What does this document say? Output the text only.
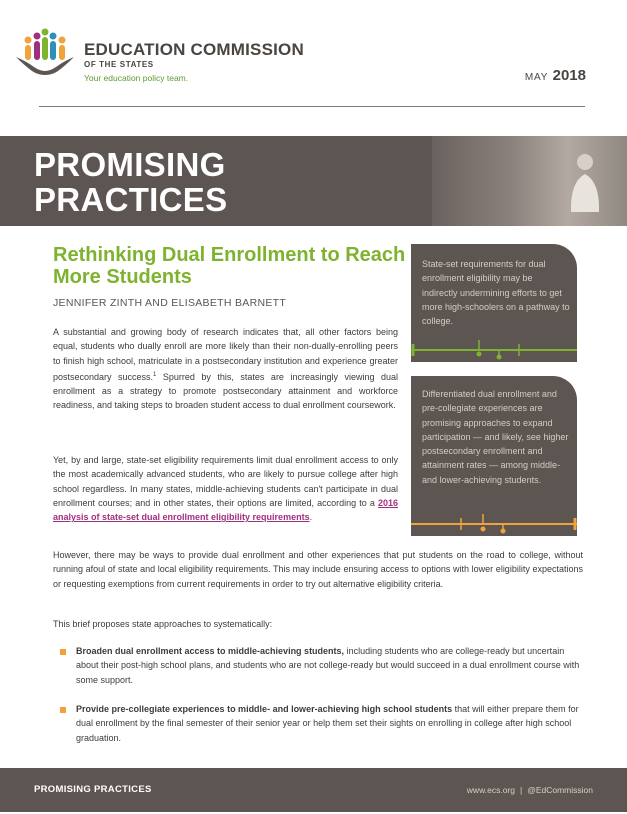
EDUCATION COMMISSION
OF THE STATES
Your education policy team.	MAY 2018
PROMISING
PRACTICES
TUNE IN.
Explore emerging
education developments.
Rethinking Dual Enrollment to Reach More Students
JENNIFER ZINTH AND ELISABETH BARNETT
A substantial and growing body of research indicates that, all other factors being equal, students who dually enroll are more likely than their non-dually-enrolling peers to finish high school, matriculate in a postsecondary institution and experience greater postsecondary success.$^1$ Spurred by this, states are increasingly viewing dual enrollment as a strategy to promote postsecondary attainment and workforce readiness, and taking steps to broaden student access to dual enrollment coursework.
Yet, by and large, state-set eligibility requirements limit dual enrollment access to only the most academically advanced students, who are likely to pursue college after high school regardless. In many states, middle-achieving students can't participate in dual enrollment courses; and in other states, their options are limited, according to a 2016 analysis of state-set dual enrollment eligibility requirements.
However, there may be ways to provide dual enrollment and other experiences that put students on the road to college, without running afoul of state and local eligibility requirements. This may include ensuring access to options with lower eligibility expectations or requesting exemptions from current requirements in order to try out alternative eligibility criteria.
This brief proposes state approaches to systematically:
Broaden dual enrollment access to middle-achieving students, including students who are college-ready but uncertain about their post-high school plans, and students who are not college-ready but would succeed in a dual enrollment course with some support.
Provide pre-collegiate experiences to middle- and lower-achieving high school students that will either prepare them for dual enrollment by the final semester of their senior year or help them set their sights on enrolling in college after high school graduation.
State-set requirements for dual enrollment eligibility may be indirectly undermining efforts to get more high-schoolers on a pathway to college.
Differentiated dual enrollment and pre-collegiate experiences are promising approaches to expand participation — and likely, see higher postsecondary enrollment and attainment rates — among middle- and lower-achieving students.
PROMISING PRACTICES	www.ecs.org | @EdCommission
